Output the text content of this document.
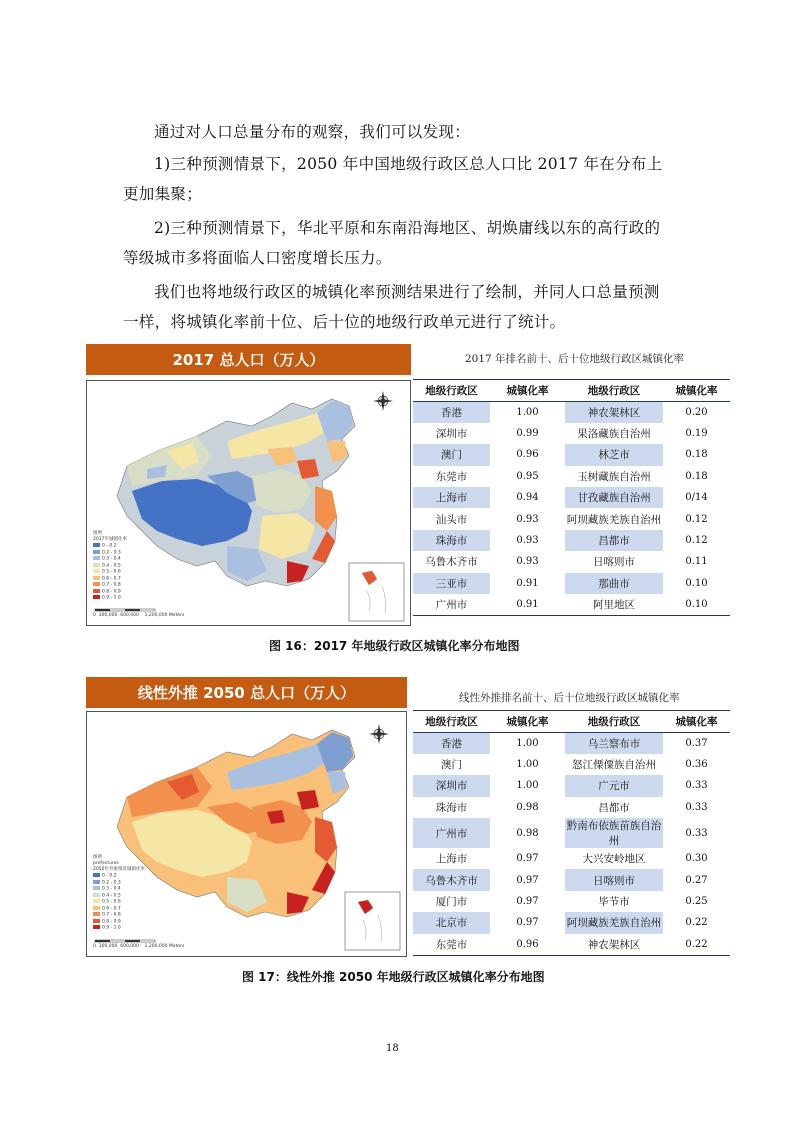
通过对人口总量分布的观察，我们可以发现：
1)三种预测情景下，2050 年中国地级行政区总人口比 2017 年在分布上更加集聚；
2)三种预测情景下，华北平原和东南沿海地区、胡焕庸线以东的高行政的等级城市多将面临人口密度增长压力。
我们也将地级行政区的城镇化率预测结果进行了绘制，并同人口总量预测一样，将城镇化率前十位、后十位的地级行政单元进行了统计。
2017 总人口（万人）
图例
2017年城镇化率
0 - 0.2
0.2 - 0.3
0.3 - 0.4
0.4 - 0.5
0.5 - 0.6
0.6 - 0.7
0.7 - 0.8
0.8 - 0.9
0.9 - 1.0
0 300,000 600,000 1,200,000 Meters
2017 年排名前十、后十位地级行政区城镇化率
地级行政区	城镇化率	地级行政区	城镇化率
香港	1.00	神农架林区	0.20
深圳市	0.99	果洛藏族自治州	0.19
澳门	0.96	林芝市	0.18
东莞市	0.95	玉树藏族自治州	0.18
上海市	0.94	甘孜藏族自治州	0/14
汕头市	0.93	阿坝藏族羌族自治州	0.12
珠海市	0.93	昌都市	0.12
乌鲁木齐市	0.93	日喀则市	0.11
三亚市	0.91	那曲市	0.10
广州市	0.91	阿里地区	0.10
图 16：2017 年地级行政区城镇化率分布地图
线性外推 2050 总人口（万人）
图例
prefectures
2050年外推情景城镇化率
0 - 0.2
0.2 - 0.3
0.3 - 0.4
0.4 - 0.5
0.5 - 0.6
0.6 - 0.7
0.7 - 0.8
0.8 - 0.9
0.9 - 1.0
0 300,000 600,000 1,200,000 Meters
线性外推排名前十、后十位地级行政区城镇化率
地级行政区	城镇化率	地级行政区	城镇化率
香港	1.00	乌兰察布市	0.37
澳门	1.00	怒江傈僳族自治州	0.36
深圳市	1.00	广元市	0.33
珠海市	0.98	昌都市	0.33
广州市	0.98	黔南布依族苗族自治州	0.33
上海市	0.97	大兴安岭地区	0.30
乌鲁木齐市	0.97	日喀则市	0.27
厦门市	0.97	毕节市	0.25
北京市	0.97	阿坝藏族羌族自治州	0.22
东莞市	0.96	神农架林区	0.22
图 17：线性外推 2050 年地级行政区城镇化率分布地图
18
